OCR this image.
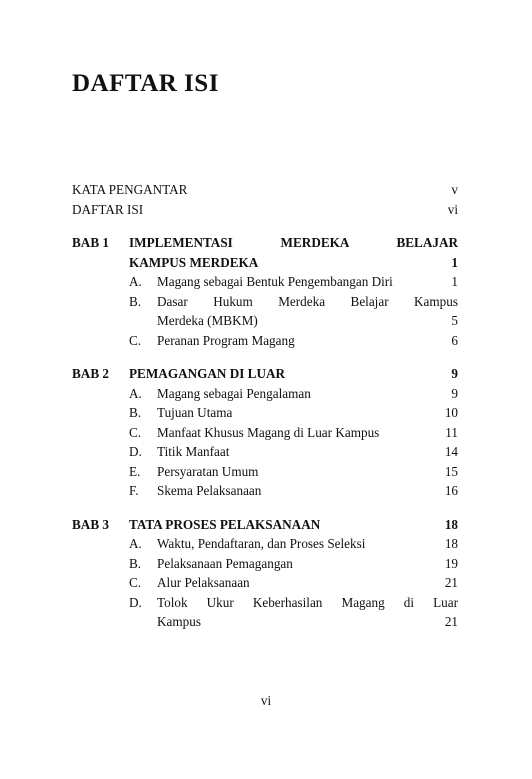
DAFTAR ISI
KATA PENGANTAR	v
DAFTAR ISI	vi
BAB 1	IMPLEMENTASI MERDEKA BELAJAR
KAMPUS MERDEKA	1
A.	Magang sebagai Bentuk Pengembangan Diri	1
B.	Dasar Hukum Merdeka Belajar Kampus
Merdeka (MBKM)	5
C.	Peranan Program Magang	6
BAB 2	PEMAGANGAN DI LUAR	9
A.	Magang sebagai Pengalaman	9
B.	Tujuan Utama	10
C.	Manfaat Khusus Magang di Luar Kampus	11
D.	Titik Manfaat	14
E.	Persyaratan Umum	15
F.	Skema Pelaksanaan	16
BAB 3	TATA PROSES PELAKSANAAN	18
A.	Waktu, Pendaftaran, dan Proses Seleksi	18
B.	Pelaksanaan Pemagangan	19
C.	Alur Pelaksanaan	21
D.	Tolok Ukur Keberhasilan Magang di Luar
Kampus	21
vi
